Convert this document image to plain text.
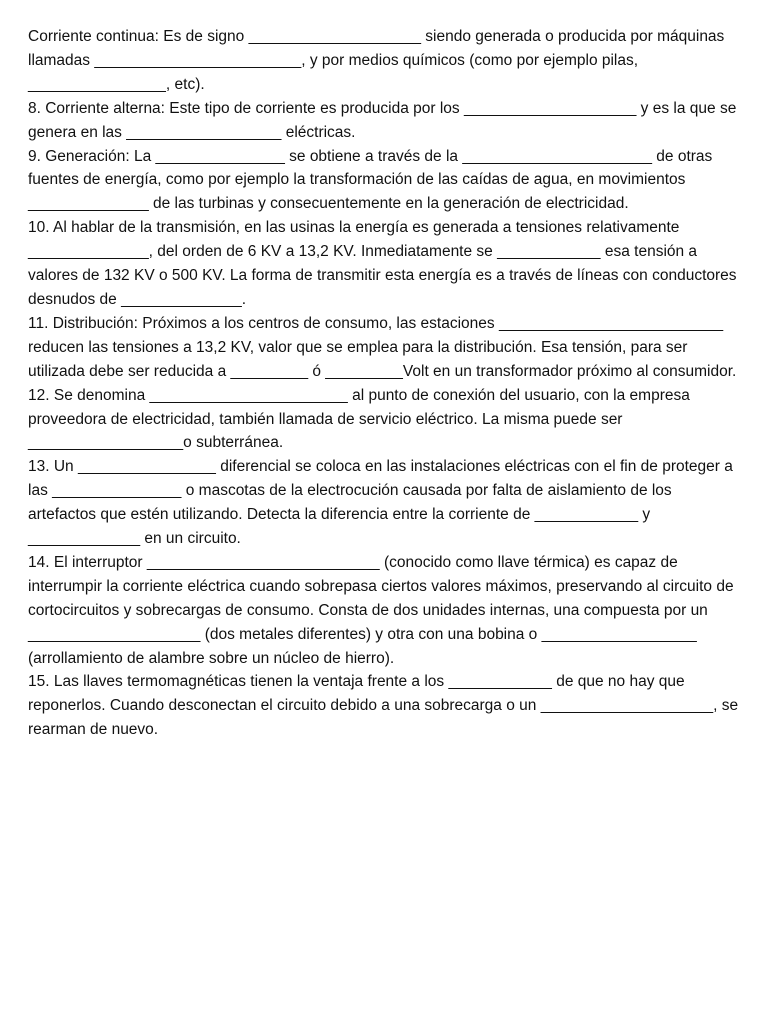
Corriente continua: Es de signo ____________________ siendo generada o producida por máquinas llamadas ________________________, y por medios químicos (como por ejemplo pilas, ________________, etc).

8. Corriente alterna: Este tipo de corriente es producida por los ____________________ y es la que se genera en las __________________ eléctricas.

9. Generación: La _______________ se obtiene a través de la ______________________ de otras fuentes de energía, como por ejemplo la transformación de las caídas de agua, en movimientos ______________ de las turbinas y consecuentemente en la generación de electricidad.

10. Al hablar de la transmisión, en las usinas la energía es generada a tensiones relativamente ______________, del orden de 6 KV a 13,2 KV. Inmediatamente se ____________ esa tensión a valores de 132 KV o 500 KV. La forma de transmitir esta energía es a través de líneas con conductores desnudos de ______________.

11. Distribución: Próximos a los centros de consumo, las estaciones __________________________ reducen las tensiones a 13,2 KV, valor que se emplea para la distribución. Esa tensión, para ser utilizada debe ser reducida a _________ ó _________Volt en un transformador próximo al consumidor.

12. Se denomina _______________________ al punto de conexión del usuario, con la empresa proveedora de electricidad, también llamada de servicio eléctrico. La misma puede ser __________________o subterránea.

13. Un ________________ diferencial se coloca en las instalaciones eléctricas con el fin de proteger a las _______________ o mascotas de la electrocución causada por falta de aislamiento de los artefactos que estén utilizando. Detecta la diferencia entre la corriente de ____________ y _____________ en un circuito.

14. El interruptor ___________________________ (conocido como llave térmica) es capaz de interrumpir la corriente eléctrica cuando sobrepasa ciertos valores máximos, preservando al circuito de cortocircuitos y sobrecargas de consumo. Consta de dos unidades internas, una compuesta por un ____________________ (dos metales diferentes) y otra con una bobina o __________________ (arrollamiento de alambre sobre un núcleo de hierro).

15. Las llaves termomagnéticas tienen la ventaja frente a los ____________ de que no hay que reponerlos. Cuando desconectan el circuito debido a una sobrecarga o un ____________________, se rearman de nuevo.
